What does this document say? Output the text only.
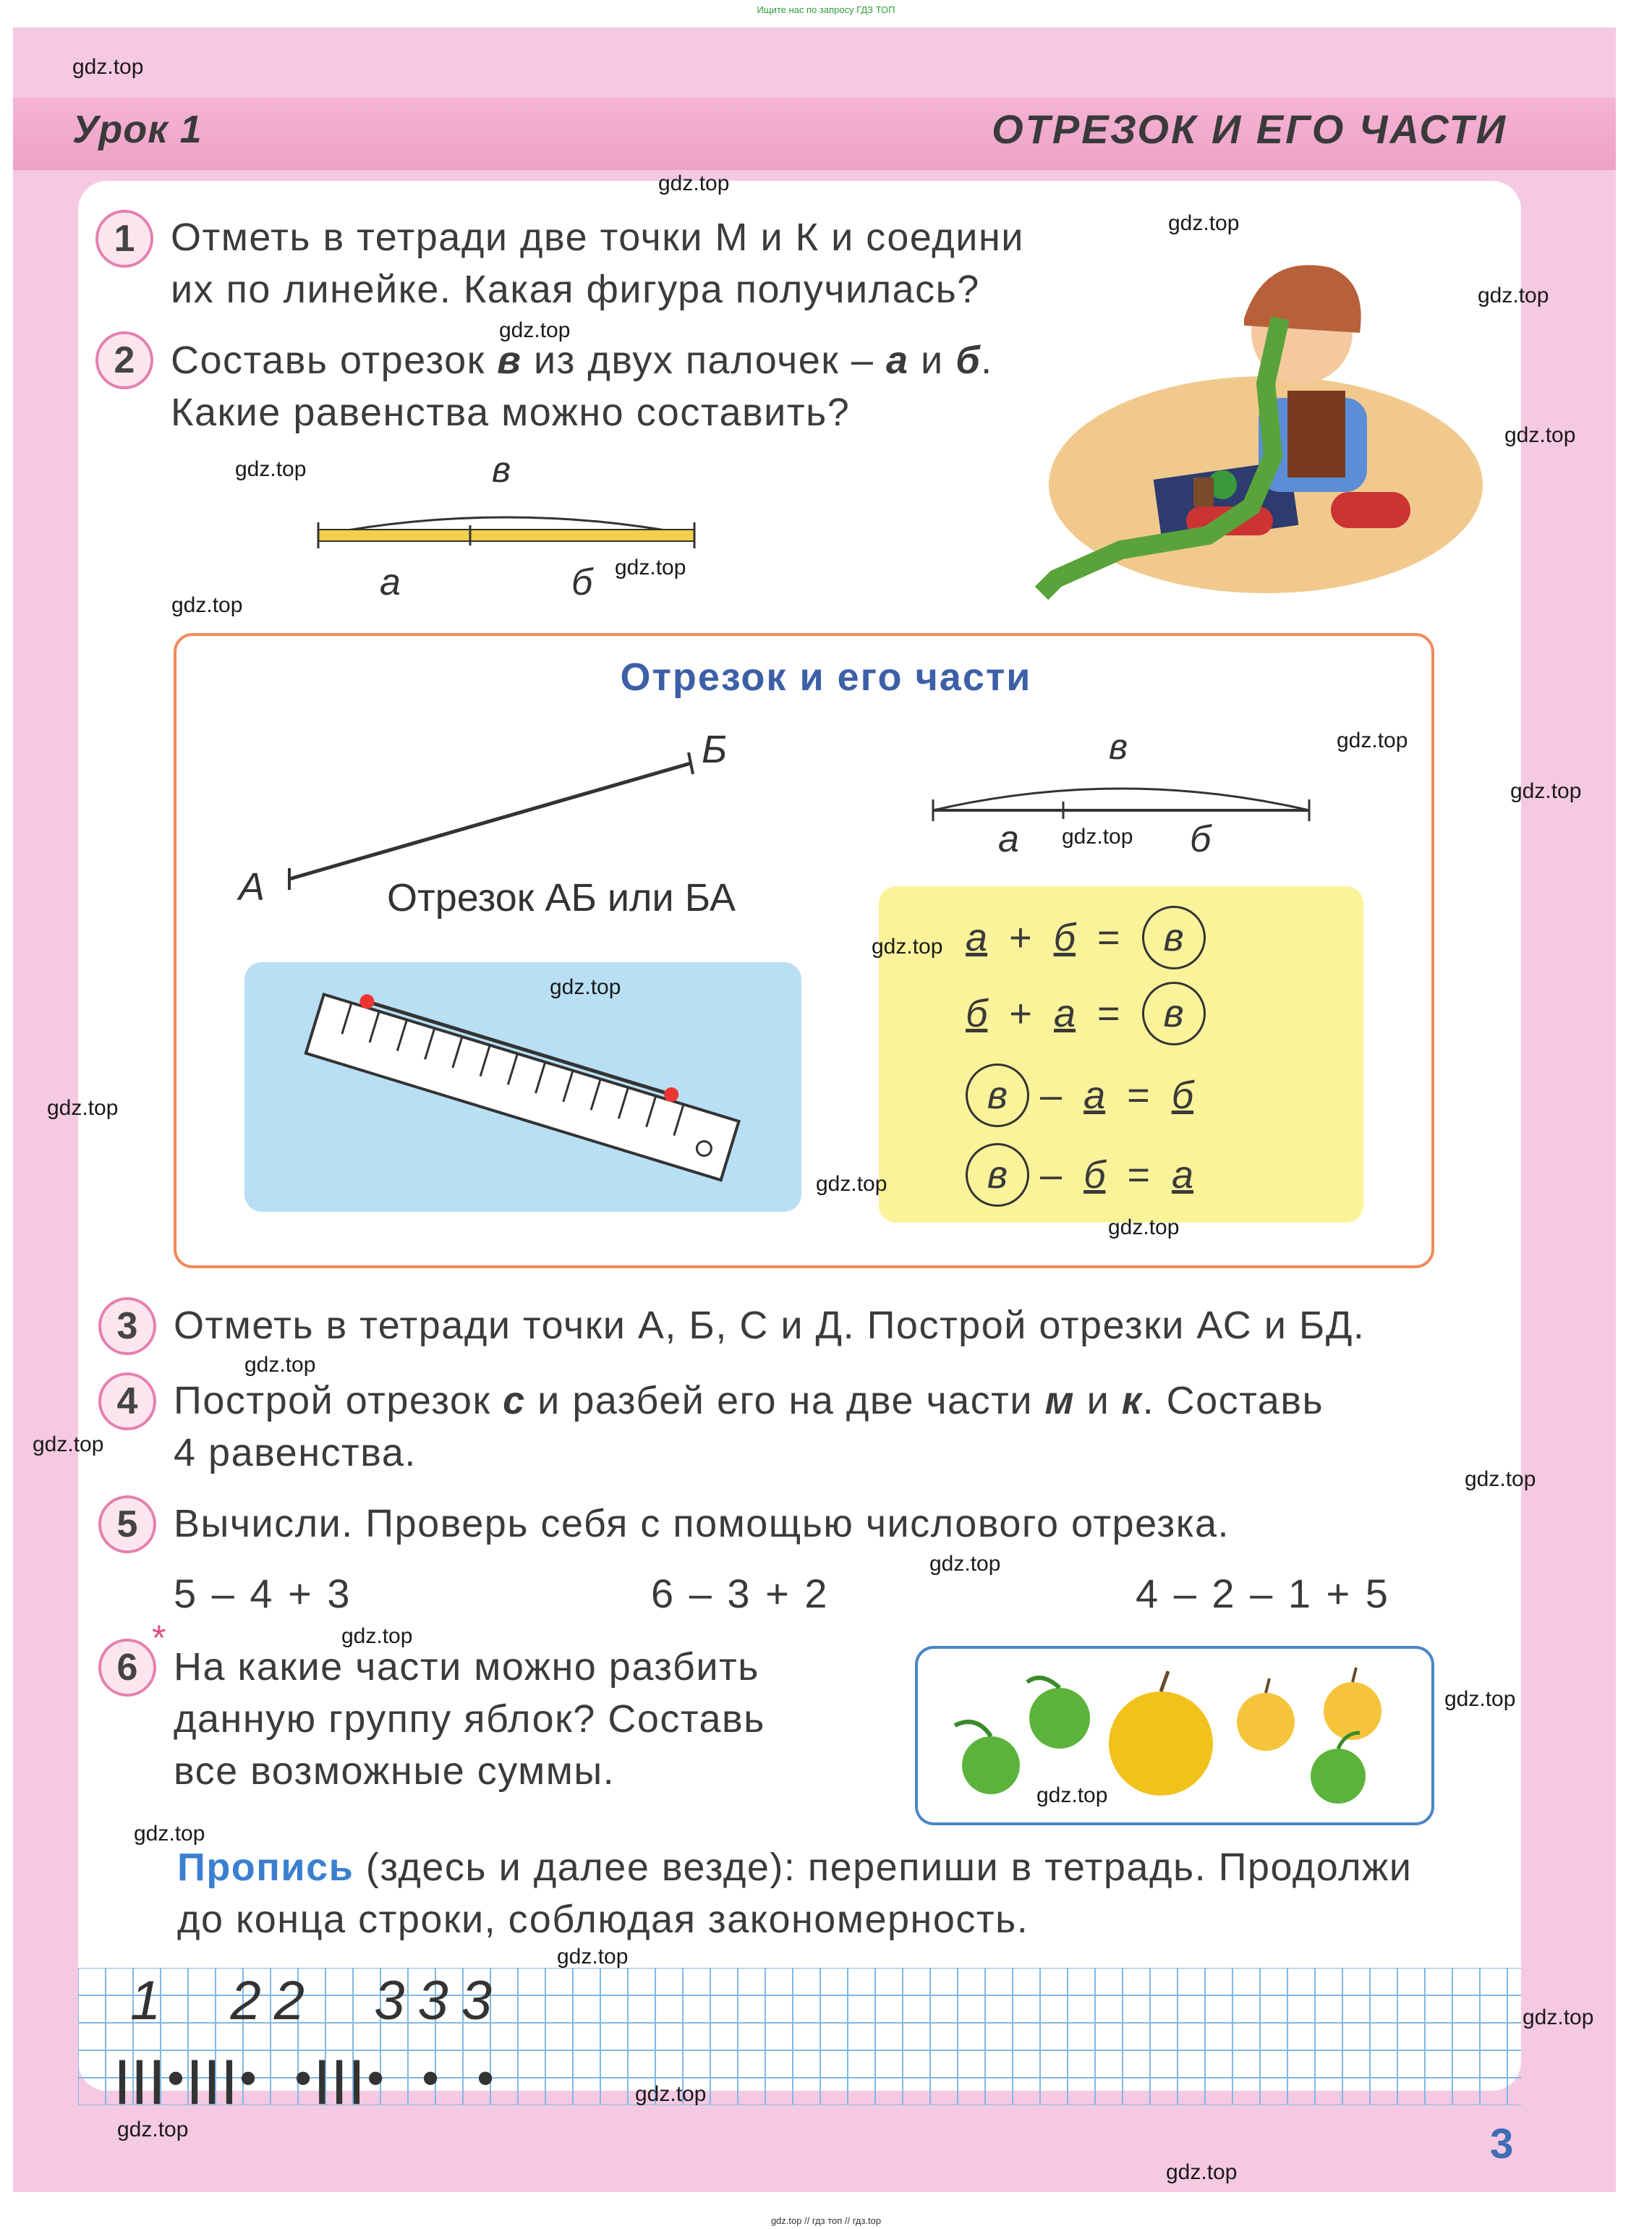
Ищите нас по запросу ГДЗ ТОП
Урок 1	ОТРЕЗОК И ЕГО ЧАСТИ
1 Отметь в тетради две точки М и К и соедини
их по линейке. Какая фигура получилась?
2 Составь отрезок в из двух палочек – а и б.
Какие равенства можно составить?
в
а	б
Отрезок и его части
А
Б
Отрезок АБ или БА
в
а	б
а + б = в
б + а = в
в – а = б
в – б = а
3 Отметь в тетради точки А, Б, С и Д. Построй отрезки АС и БД.
4 Построй отрезок с и разбей его на две части м и к. Составь
4 равенства.
5 Вычисли. Проверь себя с помощью числового отрезка.
5 – 4 + 3	6 – 3 + 2	4 – 2 – 1 + 5
*
6 На какие части можно разбить
данную группу яблок? Составь
все возможные суммы.
Пропись (здесь и далее везде): перепиши в тетрадь. Продолжи
до конца строки, соблюдая закономерность.
1  22  333
|||•|||•  •|||•  •  •
3
gdz.top
gdz.top
gdz.top
gdz.top
gdz.top
gdz.top
gdz.top
gdz.top
gdz.top
gdz.top
gdz.top
gdz.top
gdz.top
gdz.top
gdz.top
gdz.top
gdz.top
gdz.top
gdz.top
gdz.top
gdz.top
gdz.top
gdz.top
gdz.top
gdz.top
gdz.top
gdz.top
gdz.top
gdz.top
gdz.top
gdz.top // гдз топ // гдз.top
